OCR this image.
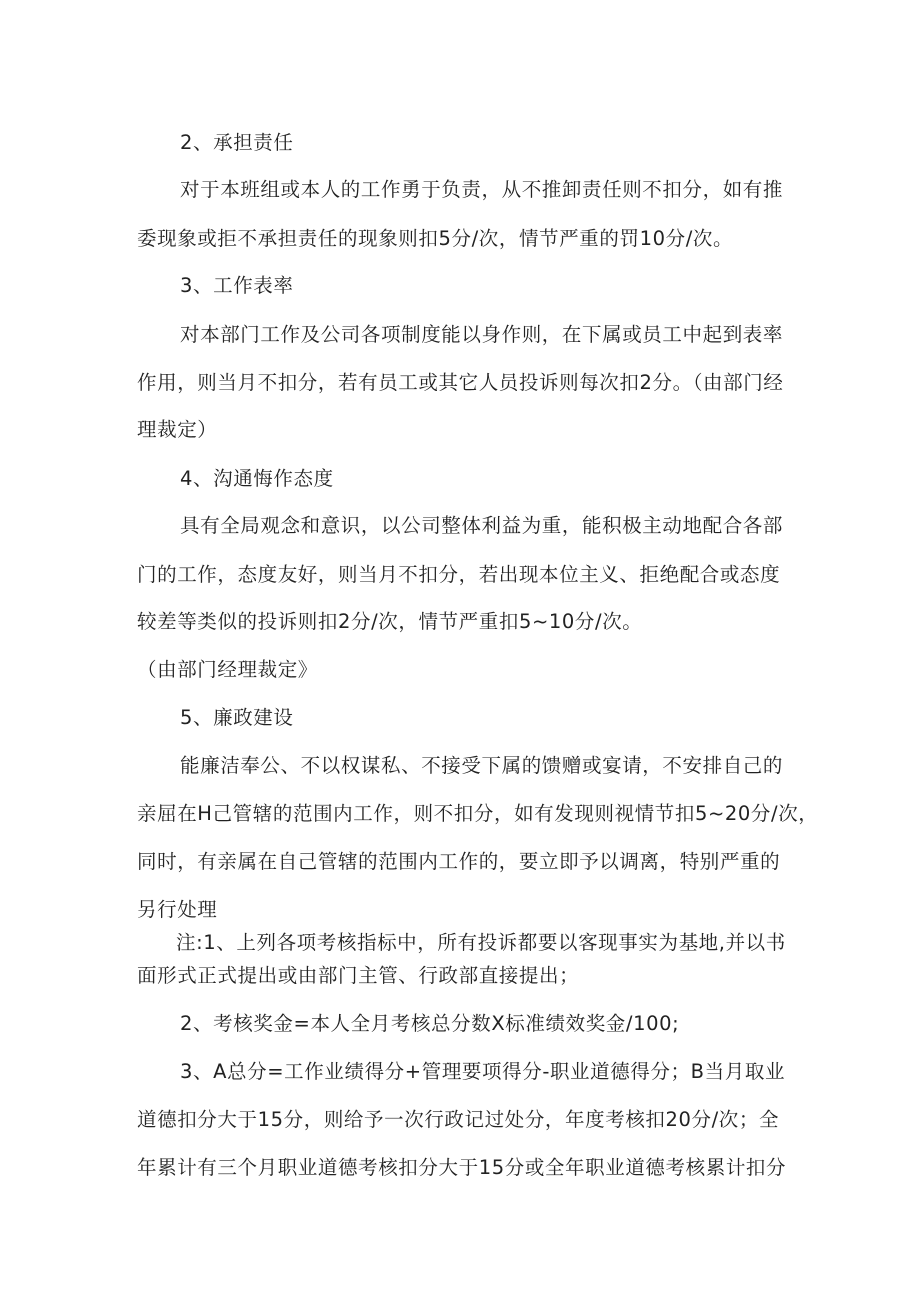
2、承担责任

对于本班组或本人的工作勇于负责，从不推卸责任则不扣分，如有推

委现象或拒不承担责任的现象则扣5分/次，情节严重的罚10分/次。

3、工作表率

对本部门工作及公司各项制度能以身作则，在下属或员工中起到表率

作用，则当月不扣分，若有员工或其它人员投诉则每次扣2分。（由部门经

理裁定）

4、沟通悔作态度

具有全局观念和意识，以公司整体利益为重，能积极主动地配合各部

门的工作，态度友好，则当月不扣分，若出现本位主义、拒绝配合或态度

较差等类似的投诉则扣2分/次，情节严重扣5~10分/次。

（由部门经理裁定》

5、廉政建设

能廉洁奉公、不以权谋私、不接受下属的馈赠或宴请，不安排自己的

亲屈在H己管辖的范围内工作，则不扣分，如有发现则视情节扣5~20分/次，

同时，有亲属在自己管辖的范围内工作的，要立即予以调离，特别严重的

另行处理

注:1、上列各项考核指标中，所有投诉都要以客现事实为基地,并以书

面形式正式提出或由部门主管、行政部直接提出；

2、考核奖金=本人全月考核总分数X标准绩效奖金/100;

3、A总分=工作业绩得分+管理要项得分-职业道德得分；B当月取业

道德扣分大于15分，则给予一次行政记过处分，年度考核扣20分/次；全

年累计有三个月职业道德考核扣分大于15分或全年职业道德考核累计扣分
